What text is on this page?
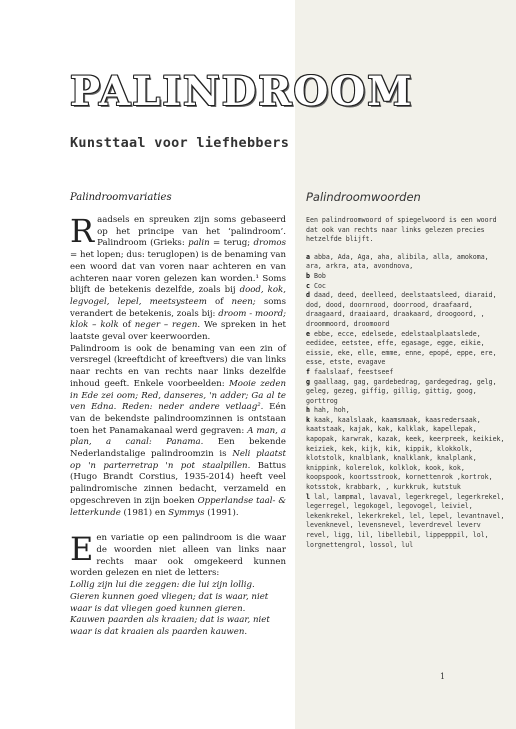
PALINDROOM
Kunsttaal voor liefhebbers
Palindroomvariaties

Raadsels en spreuken zijn soms gebaseerd op het principe van het ‘palindroom’. Palindroom (Grieks: palin = terug; dromos = het lopen; dus: teruglopen) is de benaming van een woord dat van voren naar achteren en van achteren naar voren gelezen kan worden.¹ Soms blijft de betekenis dezelfde, zoals bij dood, kok, legvogel, lepel, meetsysteem of neen; soms verandert de betekenis, zoals bij: droom - moord; klok – kolk of neger – regen. We spreken in het laatste geval over keerwoorden.

Palindroom is ook de benaming van een zin of versregel (kreeftdicht of kreeftvers) die van links naar rechts en van rechts naar links dezelfde inhoud geeft. Enkele voorbeelden: Mooie zeden in Ede zei oom; Red, danseres, 'n adder; Ga al te ven Edna. Reden: neder andere vetlaag². Eén van de bekendste palindroomzinnen is ontstaan toen het Panamakanaal werd gegraven: A man, a plan, a canal: Panama. Een bekende Nederlandstalige palindroomzin is Neli plaatst op 'n parterretrap 'n pot staalpillen. Battus (Hugo Brandt Corstius, 1935-2014) heeft veel palindromische zinnen bedacht, verzameld en opgeschreven in zijn boeken Opperlandse taal- & letterkunde (1981) en Symmys (1991).

Een variatie op een palindroom is die waar de woorden niet alleen van links naar rechts maar ook omgekeerd kunnen worden gelezen en niet de letters:

Lollig zijn lui die zeggen: die lui zijn lollig.

Gieren kunnen goed vliegen; dat is waar, niet waar is dat vliegen goed kunnen gieren.

Kauwen paarden als kraaien; dat is waar, niet waar is dat kraaien als paarden kauwen.

Palindroomwoorden

Een palindroomwoord of spiegelwoord is een woord dat ook van rechts naar links gelezen precies hetzelfde blijft.

a abba, Ada, Aga, aha, alibila, alla, amokoma, ara, arkra, ata, avondnova,

b Bob

c Coc

d daad, deed, deelleed, deelstaatsleed, diaraid, dod, dood, doornrood, doorrood, draafaard, draagaard, draaiaard, draakaard, droogoord, , droommoord, droomoord

e ebbe, ecce, edelsede, edelstaalplaatslede, eedidee, eetstee, effe, egasage, egge, eikie, eissie, eke, elle, emme, enne, epopé, eppe, ere, esse, etste, evagave

f faalslaaf, feestseef

g gaallaag, gag, gardebedrag, gardegedrag, gelg, geleg, gezeg, giffig, gillig, gittig, goog, gorttrog

h hah, hoh,

k kaak, kaalslaak, kaamsmaak, kaasredersaak, kaatstaak, kajak, kak, kalklak, kapellepak, kapopak, karwrak, kazak, keek, keerpreek, keikiek, keiziek, kek, kijk, kik, kippik, klokkolk, klotstolk, knalblank, knalklank, knalplank, knippink, kolerelok, kolklok, kook, kok, koopspook, koortsstrook, kornettenrok ,kortrok, kotsstok, krabbark, , kurkkruk, kutstuk

l lal, lampmal, lavaval, legerkregel, legerkrekel, legerregel, legokogel, legovogel, leiviel, lekenkrekel, lekerkrekel, lel, lepel, levantnavel, levenknevel, levensnevel, leverdrevel leverv revel, ligg, lil, libellebil, lippepppil, lol, lorgnettengrol, lossol, lul

1
